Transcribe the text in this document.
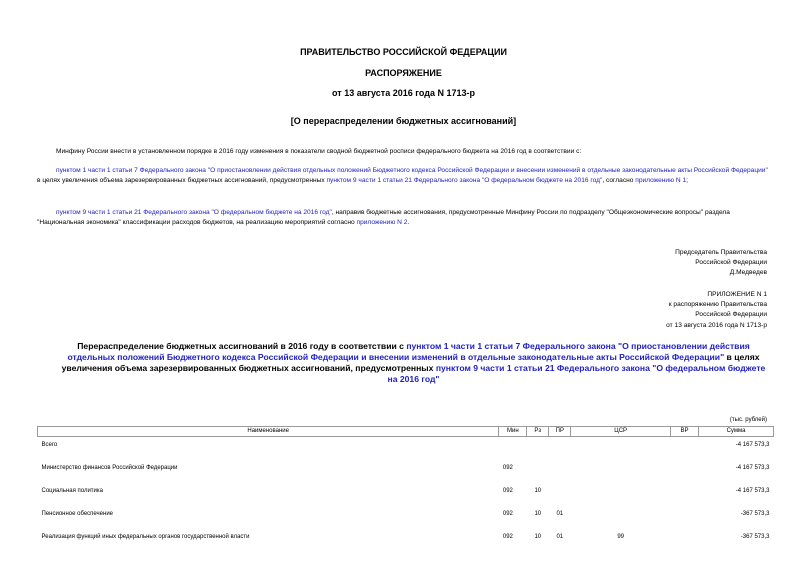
ПРАВИТЕЛЬСТВО РОССИЙСКОЙ ФЕДЕРАЦИИ
РАСПОРЯЖЕНИЕ
от 13 августа 2016 года N 1713-р
[О перераспределении бюджетных ассигнований]
Минфину России внести в установленном порядке в 2016 году изменения в показатели сводной бюджетной росписи федерального бюджета на 2016 год в соответствии с:
пунктом 1 части 1 статьи 7 Федерального закона "О приостановлении действия отдельных положений Бюджетного кодекса Российской Федерации и внесении изменений в отдельные законодательные акты Российской Федерации" в целях увеличения объема зарезервированных бюджетных ассигнований, предусмотренных пунктом 9 части 1 статьи 21 Федерального закона "О федеральном бюджете на 2016 год", согласно приложению N 1;
пунктом 9 части 1 статьи 21 Федерального закона "О федеральном бюджете на 2016 год", направив бюджетные ассигнования, предусмотренные Минфину России по подразделу "Общеэкономические вопросы" раздела "Национальная экономика" классификации расходов бюджетов, на реализацию мероприятий согласно приложению N 2.
Председатель Правительства
Российской Федерации
Д.Медведев
ПРИЛОЖЕНИЕ N 1
к распоряжению Правительства
Российской Федерации
от 13 августа 2016 года N 1713-р
Перераспределение бюджетных ассигнований в 2016 году в соответствии с пунктом 1 части 1 статьи 7 Федерального закона "О приостановлении действия отдельных положений Бюджетного кодекса Российской Федерации и внесении изменений в отдельные законодательные акты Российской Федерации" в целях увеличения объема зарезервированных бюджетных ассигнований, предусмотренных пунктом 9 части 1 статьи 21 Федерального закона "О федеральном бюджете на 2016 год"
(тыс. рублей)
Наименование	Мин	Рз	ПР	ЦСР	ВР	Сумма
Всего						-4 167 573,3
Министерство финансов Российской Федерации	092					-4 167 573,3
Социальная политика	092	10				-4 167 573,3
Пенсионное обеспечение	092	10	01			-367 573,3
Реализация функций иных федеральных органов государственной власти	092	10	01	99		-367 573,3
